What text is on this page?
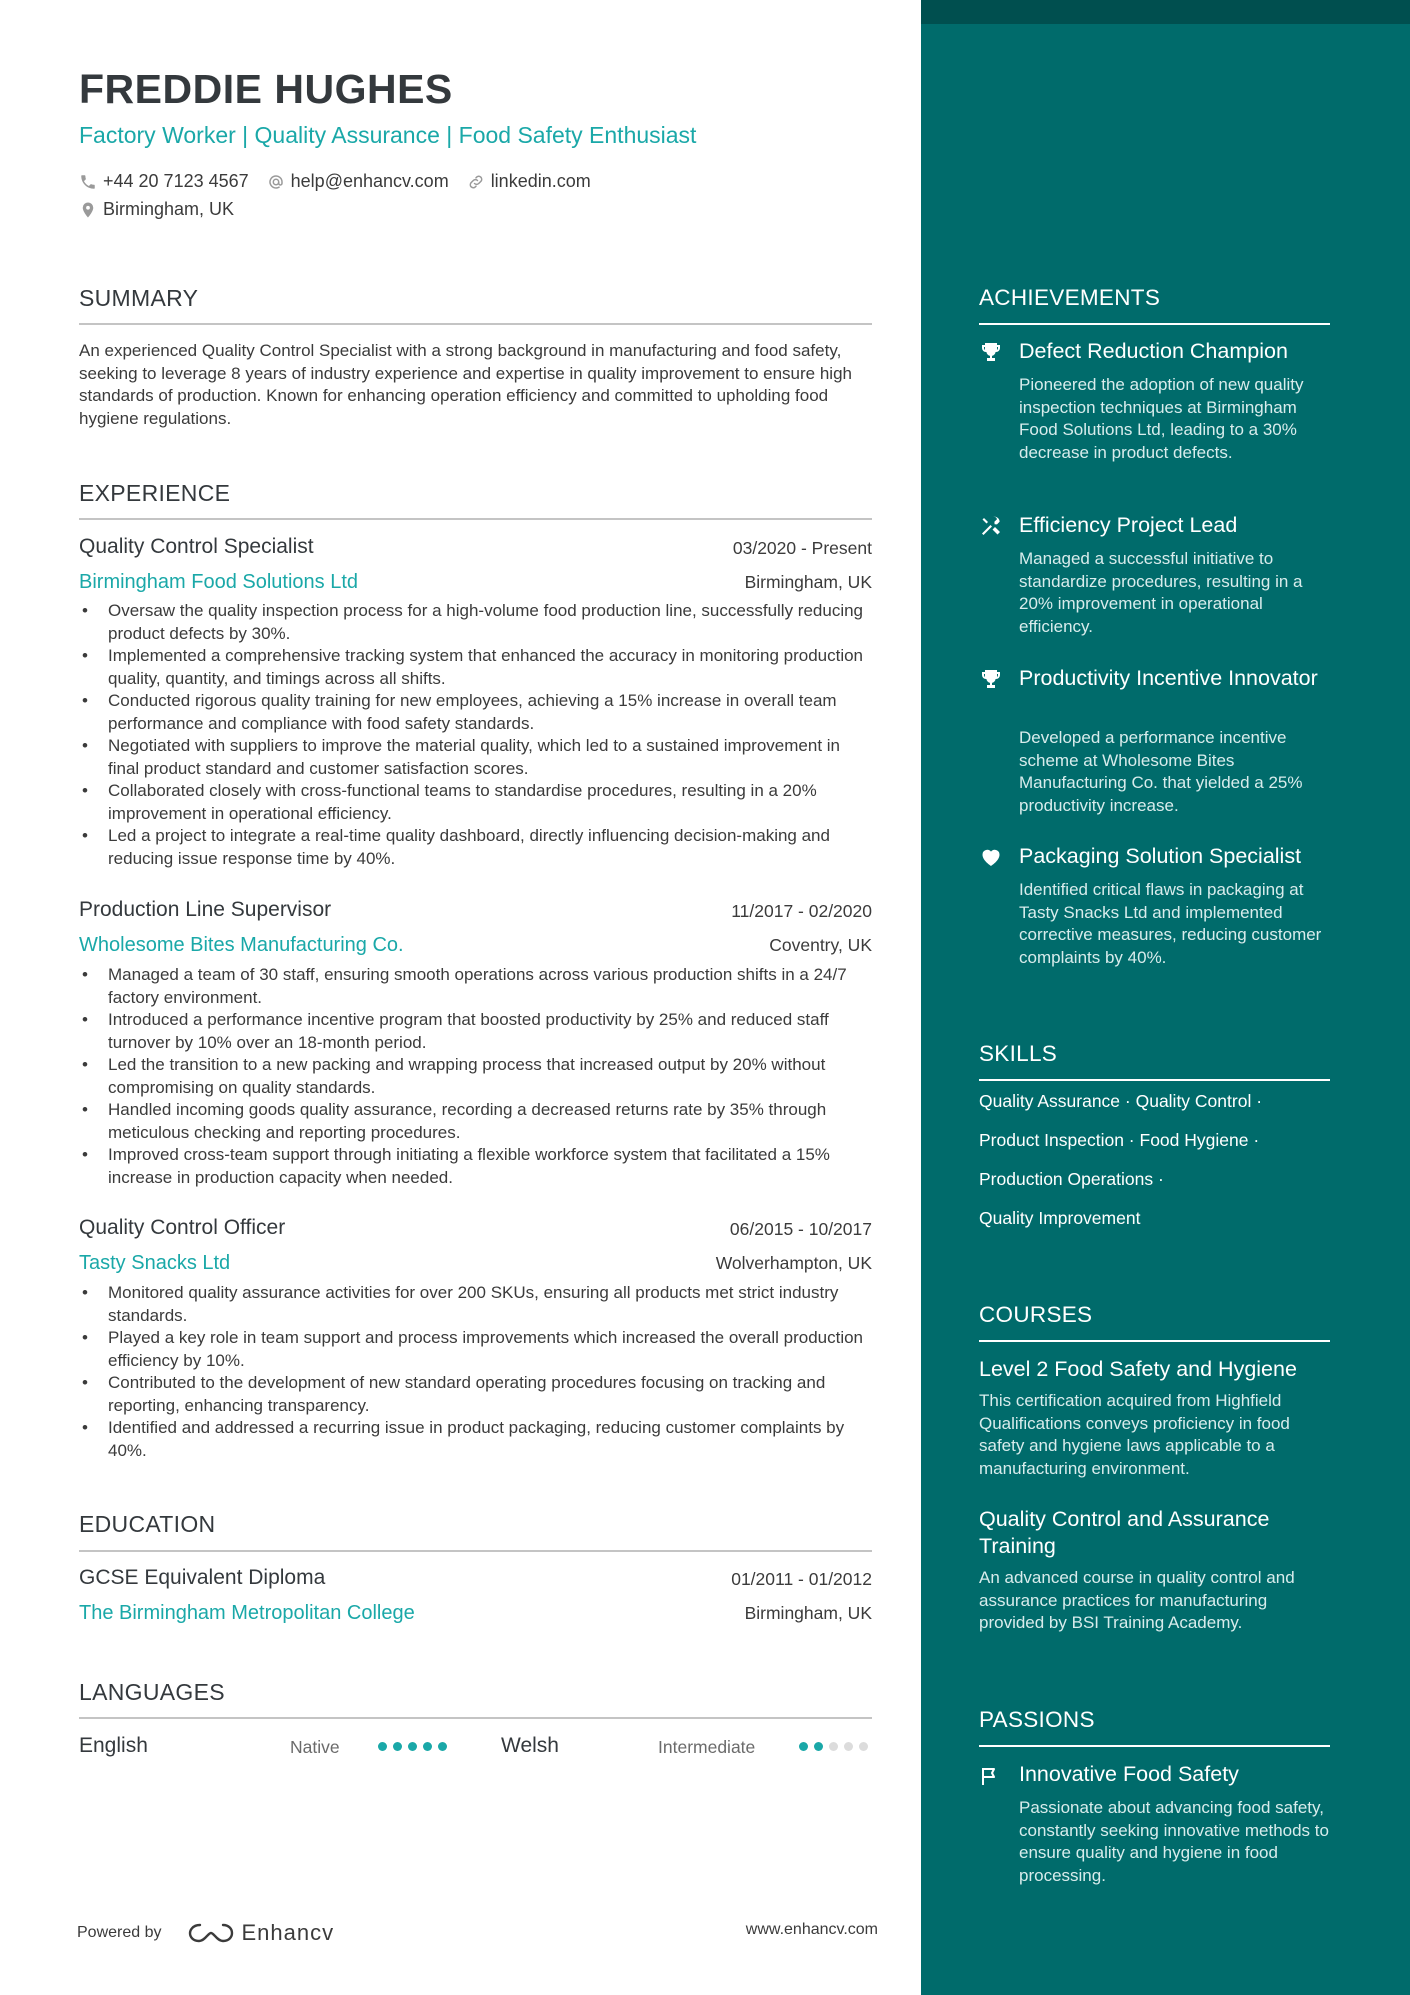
FREDDIE HUGHES
Factory Worker | Quality Assurance | Food Safety Enthusiast
+44 20 7123 4567 help@enhancv.com linkedin.com
Birmingham, UK
SUMMARY
An experienced Quality Control Specialist with a strong background in manufacturing and food safety, seeking to leverage 8 years of industry experience and expertise in quality improvement to ensure high standards of production. Known for enhancing operation efficiency and committed to upholding food hygiene regulations.
EXPERIENCE
Quality Control Specialist	03/2020 - Present
Birmingham Food Solutions Ltd	Birmingham, UK
• Oversaw the quality inspection process for a high-volume food production line, successfully reducing product defects by 30%.
• Implemented a comprehensive tracking system that enhanced the accuracy in monitoring production quality, quantity, and timings across all shifts.
• Conducted rigorous quality training for new employees, achieving a 15% increase in overall team performance and compliance with food safety standards.
• Negotiated with suppliers to improve the material quality, which led to a sustained improvement in final product standard and customer satisfaction scores.
• Collaborated closely with cross-functional teams to standardise procedures, resulting in a 20% improvement in operational efficiency.
• Led a project to integrate a real-time quality dashboard, directly influencing decision-making and reducing issue response time by 40%.
Production Line Supervisor	11/2017 - 02/2020
Wholesome Bites Manufacturing Co.	Coventry, UK
• Managed a team of 30 staff, ensuring smooth operations across various production shifts in a 24/7 factory environment.
• Introduced a performance incentive program that boosted productivity by 25% and reduced staff turnover by 10% over an 18-month period.
• Led the transition to a new packing and wrapping process that increased output by 20% without compromising on quality standards.
• Handled incoming goods quality assurance, recording a decreased returns rate by 35% through meticulous checking and reporting procedures.
• Improved cross-team support through initiating a flexible workforce system that facilitated a 15% increase in production capacity when needed.
Quality Control Officer	06/2015 - 10/2017
Tasty Snacks Ltd	Wolverhampton, UK
• Monitored quality assurance activities for over 200 SKUs, ensuring all products met strict industry standards.
• Played a key role in team support and process improvements which increased the overall production efficiency by 10%.
• Contributed to the development of new standard operating procedures focusing on tracking and reporting, enhancing transparency.
• Identified and addressed a recurring issue in product packaging, reducing customer complaints by 40%.
EDUCATION
GCSE Equivalent Diploma	01/2011 - 01/2012
The Birmingham Metropolitan College	Birmingham, UK
LANGUAGES
English	Native	Welsh	Intermediate
Powered by	Enhancv	www.enhancv.com
ACHIEVEMENTS
Defect Reduction Champion
Pioneered the adoption of new quality inspection techniques at Birmingham Food Solutions Ltd, leading to a 30% decrease in product defects.
Efficiency Project Lead
Managed a successful initiative to standardize procedures, resulting in a 20% improvement in operational efficiency.
Productivity Incentive Innovator
Developed a performance incentive scheme at Wholesome Bites Manufacturing Co. that yielded a 25% productivity increase.
Packaging Solution Specialist
Identified critical flaws in packaging at Tasty Snacks Ltd and implemented corrective measures, reducing customer complaints by 40%.
SKILLS
Quality Assurance · Quality Control ·
Product Inspection · Food Hygiene ·
Production Operations ·
Quality Improvement
COURSES
Level 2 Food Safety and Hygiene
This certification acquired from Highfield Qualifications conveys proficiency in food safety and hygiene laws applicable to a manufacturing environment.
Quality Control and Assurance Training
An advanced course in quality control and assurance practices for manufacturing provided by BSI Training Academy.
PASSIONS
Innovative Food Safety
Passionate about advancing food safety, constantly seeking innovative methods to ensure quality and hygiene in food processing.
